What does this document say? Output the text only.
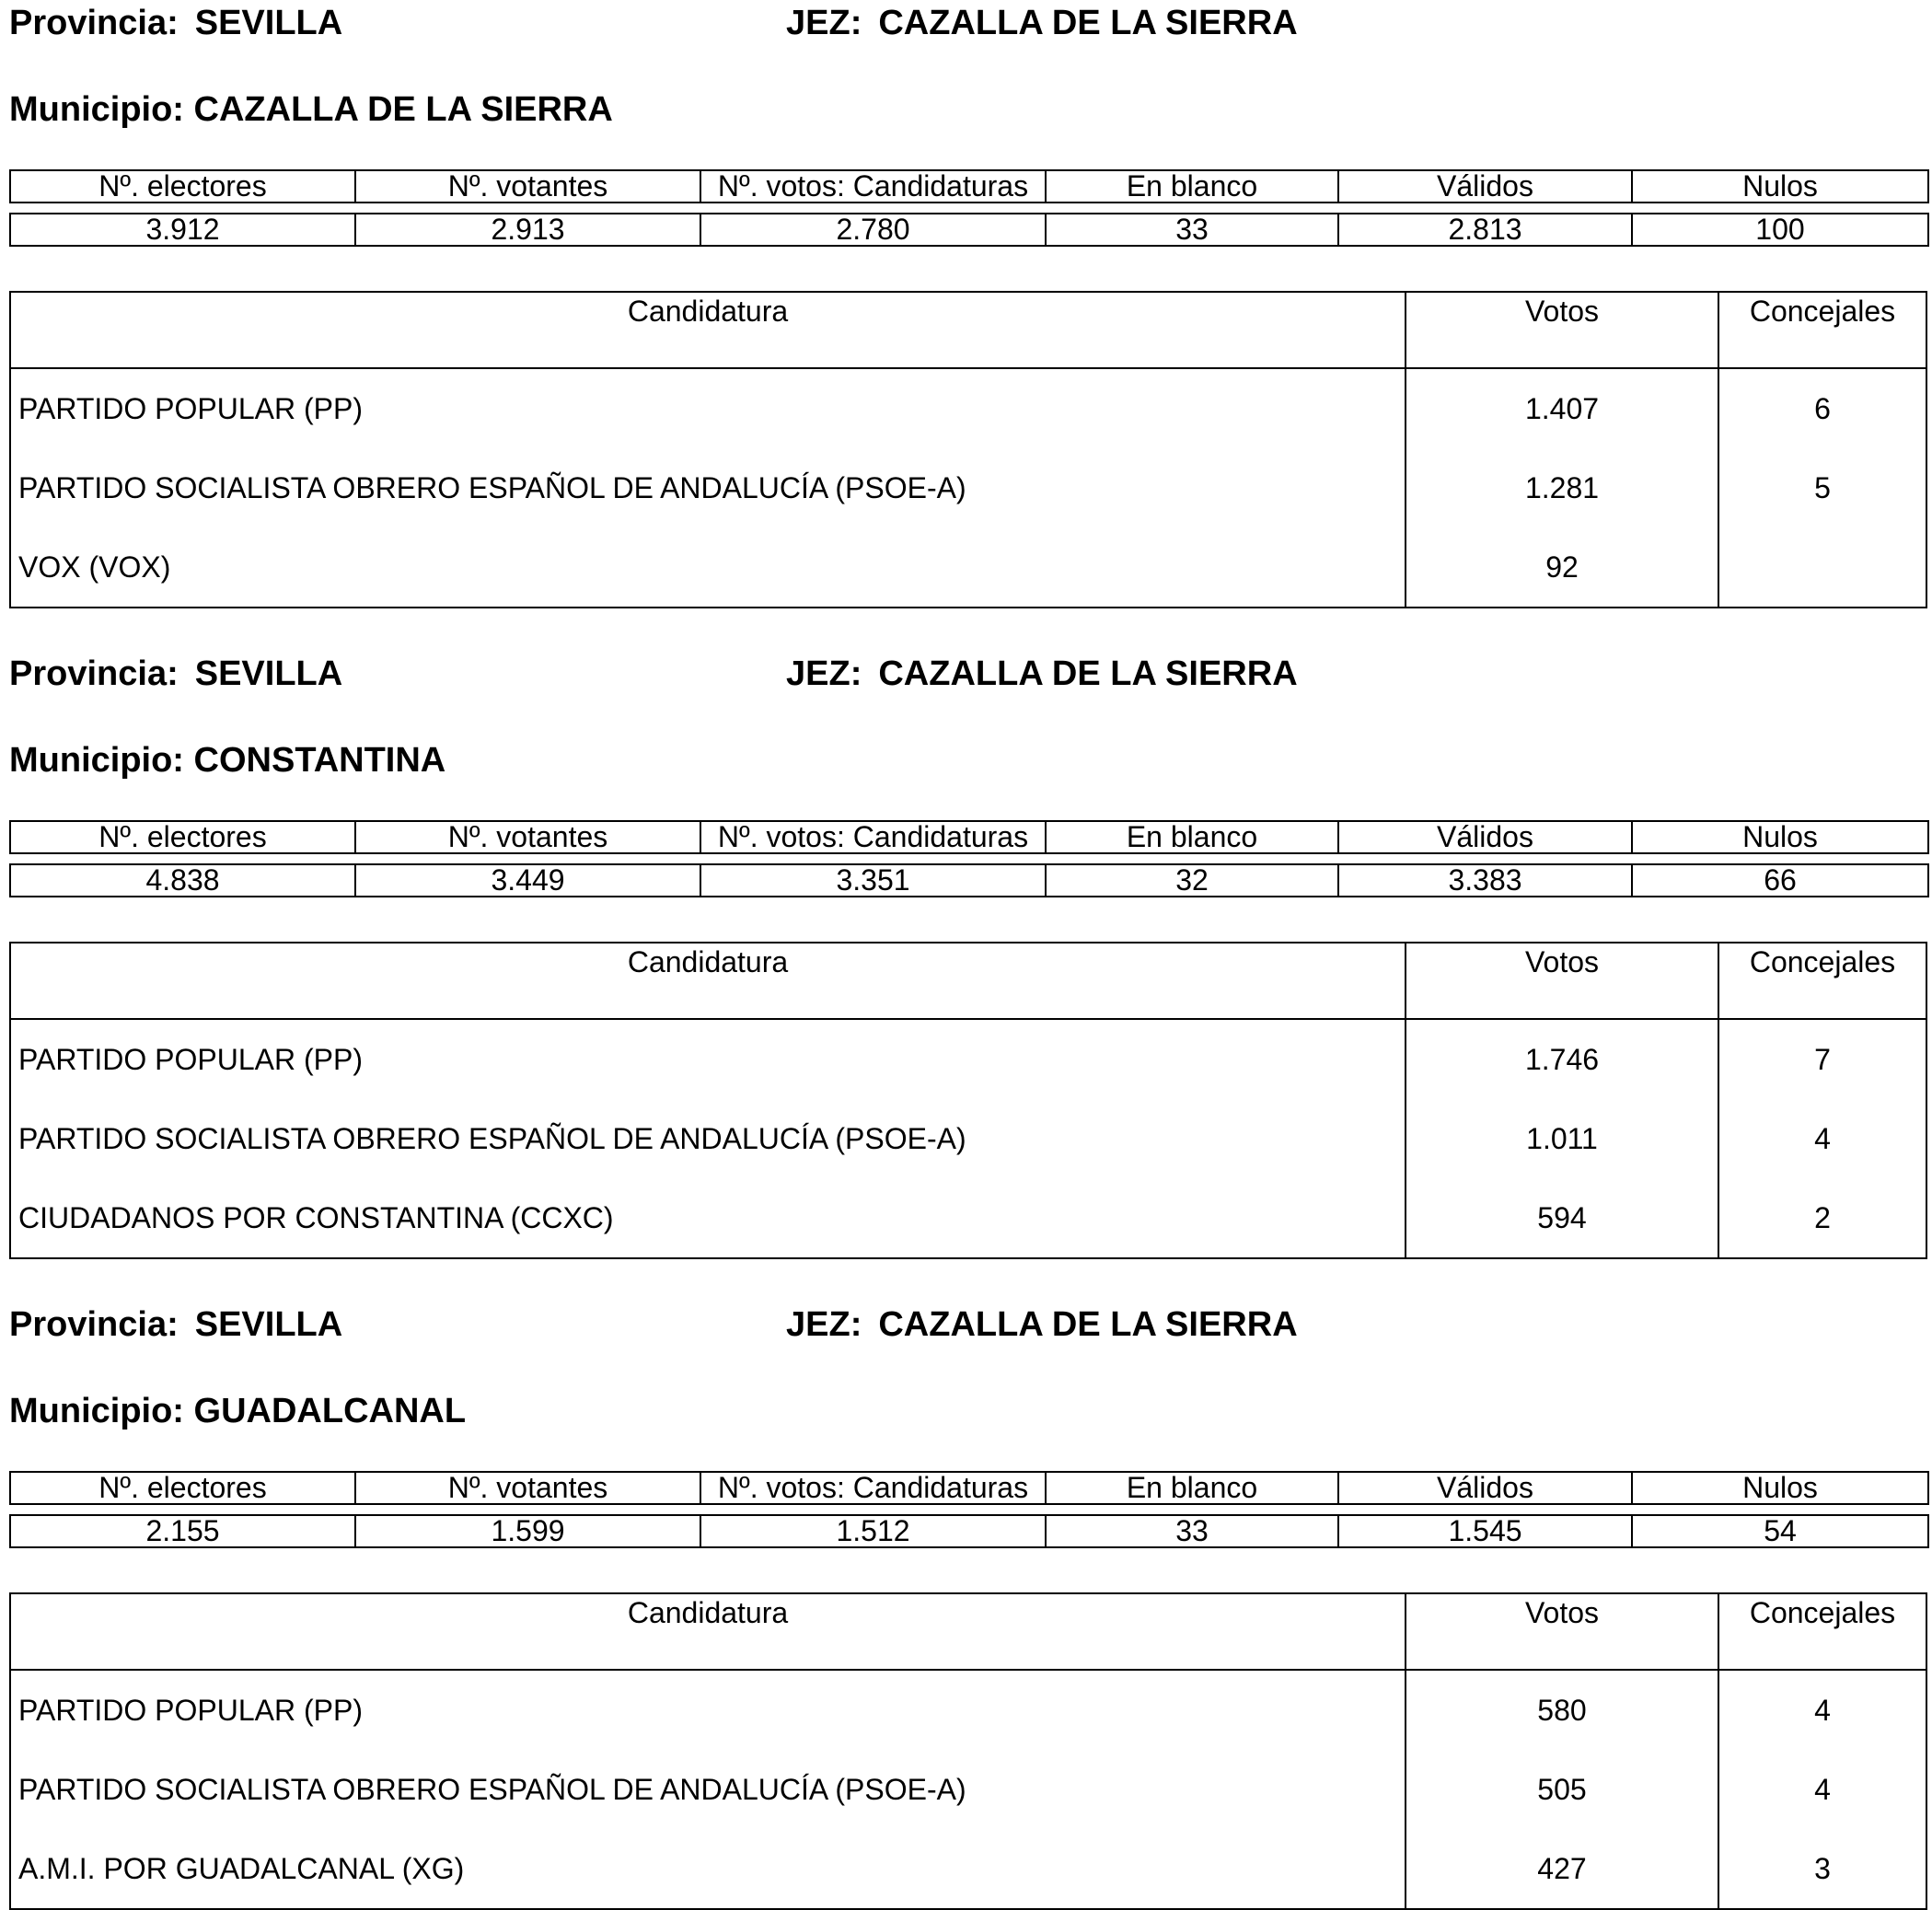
Provincia: SEVILLA	JEZ: CAZALLA DE LA SIERRA
Municipio: CAZALLA DE LA SIERRA
Nº. electores	Nº. votantes	Nº. votos: Candidaturas	En blanco	Válidos	Nulos

3.912	2.913	2.780	33	2.813	100
Candidatura	Votos	Concejales
PARTIDO POPULAR (PP)	1.407	6
PARTIDO SOCIALISTA OBRERO ESPAÑOL DE ANDALUCÍA (PSOE-A)	1.281	5
VOX (VOX)	92	
Provincia: SEVILLA	JEZ: CAZALLA DE LA SIERRA
Municipio: CONSTANTINA
Nº. electores	Nº. votantes	Nº. votos: Candidaturas	En blanco	Válidos	Nulos

4.838	3.449	3.351	32	3.383	66
Candidatura	Votos	Concejales
PARTIDO POPULAR (PP)	1.746	7
PARTIDO SOCIALISTA OBRERO ESPAÑOL DE ANDALUCÍA (PSOE-A)	1.011	4
CIUDADANOS POR CONSTANTINA (CCXC)	594	2
Provincia: SEVILLA	JEZ: CAZALLA DE LA SIERRA
Municipio: GUADALCANAL
Nº. electores	Nº. votantes	Nº. votos: Candidaturas	En blanco	Válidos	Nulos

2.155	1.599	1.512	33	1.545	54
Candidatura	Votos	Concejales
PARTIDO POPULAR (PP)	580	4
PARTIDO SOCIALISTA OBRERO ESPAÑOL DE ANDALUCÍA (PSOE-A)	505	4
A.M.I. POR GUADALCANAL (XG)	427	3
